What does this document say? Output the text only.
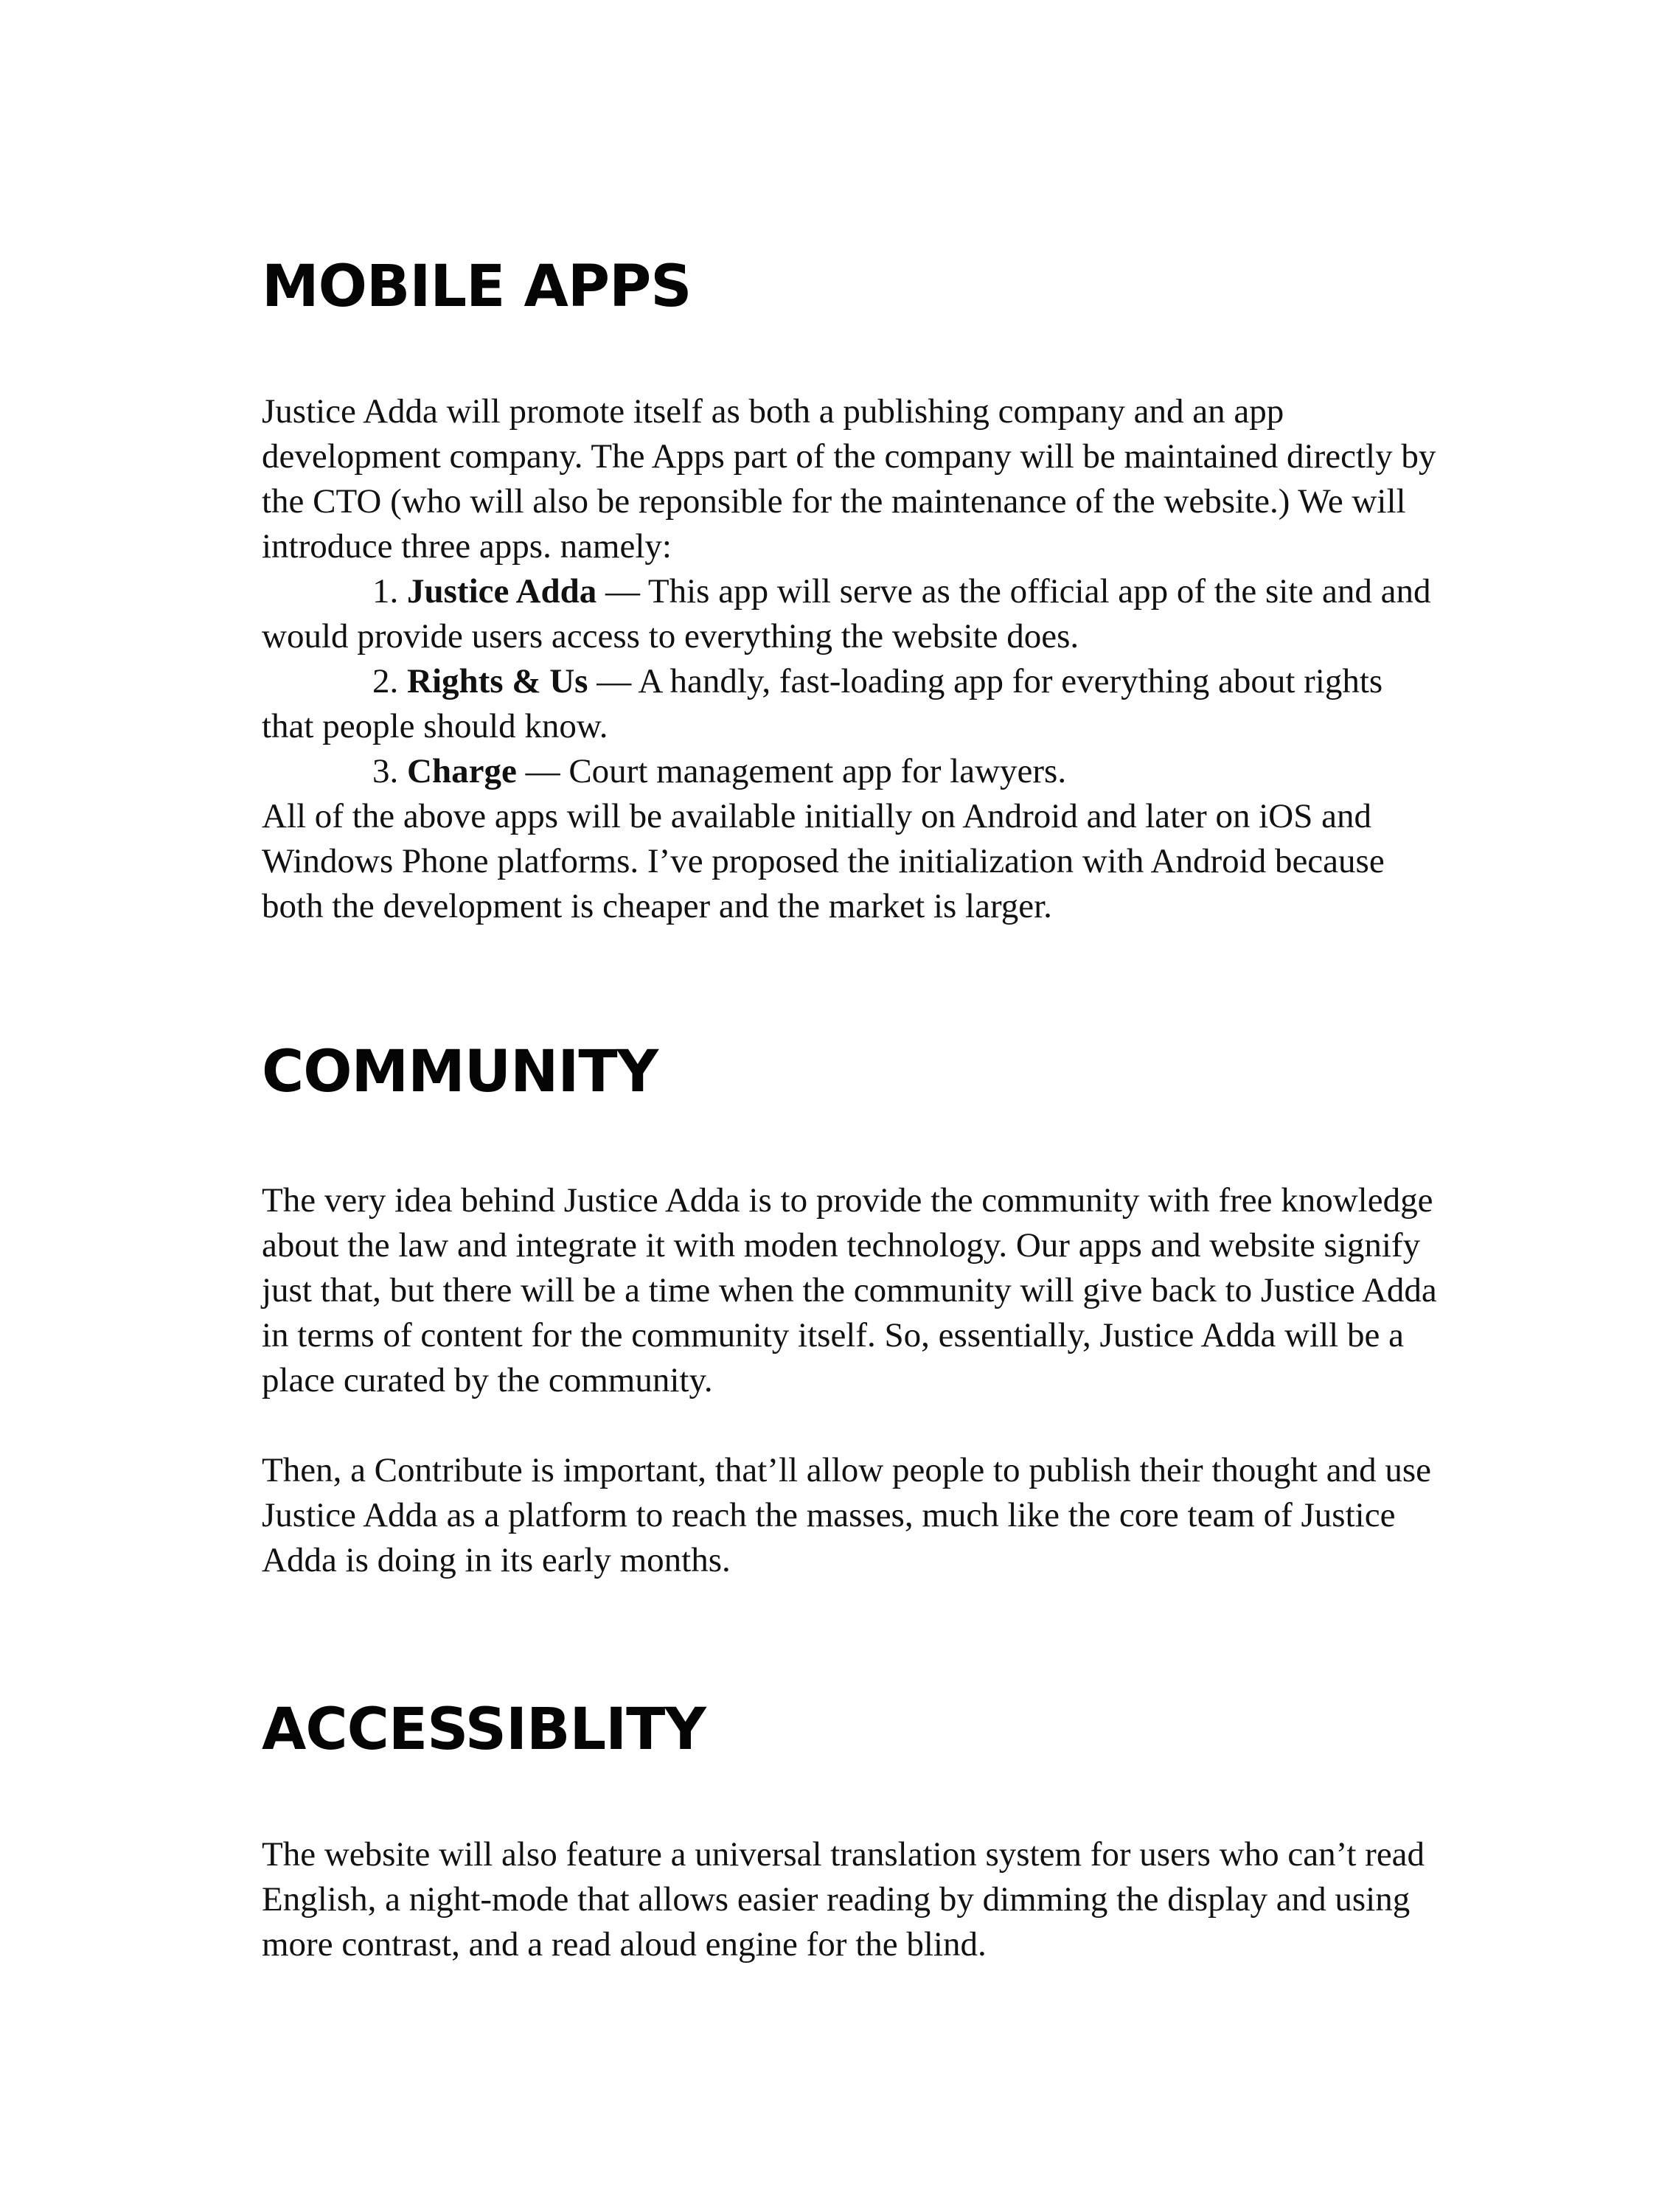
MOBILE APPS

Justice Adda will promote itself as both a publishing company and an app development company. The Apps part of the company will be maintained directly by the CTO (who will also be reponsible for the maintenance of the website.) We will introduce three apps. namely:

1. Justice Adda — This app will serve as the official app of the site and and would provide users access to everything the website does.
2. Rights & Us — A handly, fast-loading app for everything about rights that people should know.
3. Charge — Court management app for lawyers.

All of the above apps will be available initially on Android and later on iOS and Windows Phone platforms. I’ve proposed the initialization with Android because both the development is cheaper and the market is larger.

COMMUNITY

The very idea behind Justice Adda is to provide the community with free knowledge about the law and integrate it with moden technology. Our apps and website signify just that, but there will be a time when the community will give back to Justice Adda in terms of content for the community itself. So, essentially, Justice Adda will be a place curated by the community.

Then, a Contribute is important, that’ll allow people to publish their thought and use Justice Adda as a platform to reach the masses, much like the core team of Justice Adda is doing in its early months.

ACCESSIBLITY

The website will also feature a universal translation system for users who can’t read English, a night-mode that allows easier reading by dimming the display and using more contrast, and a read aloud engine for the blind.
